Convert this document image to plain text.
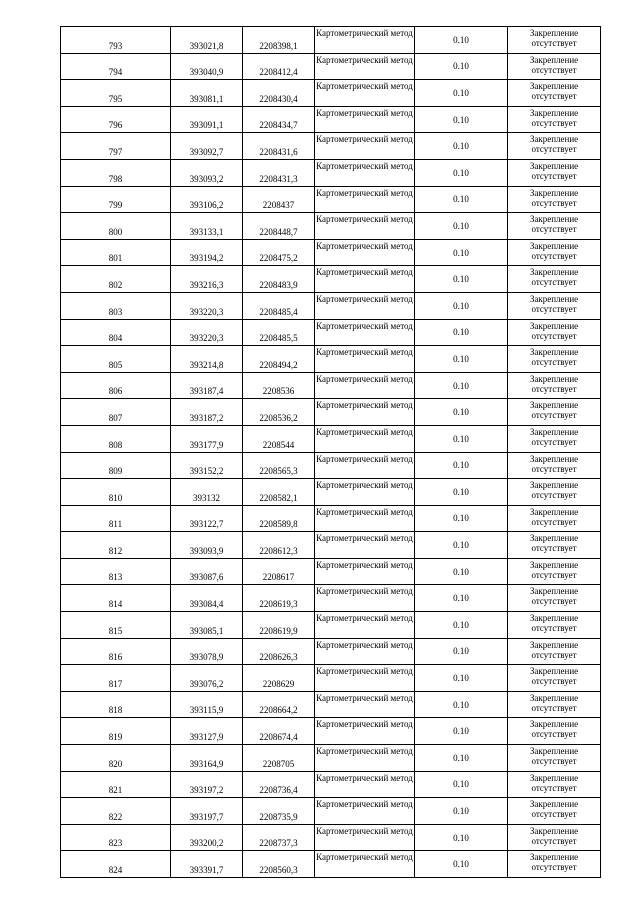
793	393021,8	2208398,1	Картометрический метод	0.10	Закрепление отсутствует
794	393040,9	2208412,4	Картометрический метод	0.10	Закрепление отсутствует
795	393081,1	2208430,4	Картометрический метод	0.10	Закрепление отсутствует
796	393091,1	2208434,7	Картометрический метод	0.10	Закрепление отсутствует
797	393092,7	2208431,6	Картометрический метод	0.10	Закрепление отсутствует
798	393093,2	2208431,3	Картометрический метод	0.10	Закрепление отсутствует
799	393106,2	2208437	Картометрический метод	0.10	Закрепление отсутствует
800	393133,1	2208448,7	Картометрический метод	0.10	Закрепление отсутствует
801	393194,2	2208475,2	Картометрический метод	0.10	Закрепление отсутствует
802	393216,3	2208483,9	Картометрический метод	0.10	Закрепление отсутствует
803	393220,3	2208485,4	Картометрический метод	0.10	Закрепление отсутствует
804	393220,3	2208485,5	Картометрический метод	0.10	Закрепление отсутствует
805	393214,8	2208494,2	Картометрический метод	0.10	Закрепление отсутствует
806	393187,4	2208536	Картометрический метод	0.10	Закрепление отсутствует
807	393187,2	2208536,2	Картометрический метод	0.10	Закрепление отсутствует
808	393177,9	2208544	Картометрический метод	0.10	Закрепление отсутствует
809	393152,2	2208565,3	Картометрический метод	0.10	Закрепление отсутствует
810	393132	2208582,1	Картометрический метод	0.10	Закрепление отсутствует
811	393122,7	2208589,8	Картометрический метод	0.10	Закрепление отсутствует
812	393093,9	2208612,3	Картометрический метод	0.10	Закрепление отсутствует
813	393087,6	2208617	Картометрический метод	0.10	Закрепление отсутствует
814	393084,4	2208619,3	Картометрический метод	0.10	Закрепление отсутствует
815	393085,1	2208619,9	Картометрический метод	0.10	Закрепление отсутствует
816	393078,9	2208626,3	Картометрический метод	0.10	Закрепление отсутствует
817	393076,2	2208629	Картометрический метод	0.10	Закрепление отсутствует
818	393115,9	2208664,2	Картометрический метод	0.10	Закрепление отсутствует
819	393127,9	2208674,4	Картометрический метод	0.10	Закрепление отсутствует
820	393164,9	2208705	Картометрический метод	0.10	Закрепление отсутствует
821	393197,2	2208736,4	Картометрический метод	0.10	Закрепление отсутствует
822	393197,7	2208735,9	Картометрический метод	0.10	Закрепление отсутствует
823	393200,2	2208737,3	Картометрический метод	0.10	Закрепление отсутствует
824	393391,7	2208560,3	Картометрический метод	0.10	Закрепление отсутствует
